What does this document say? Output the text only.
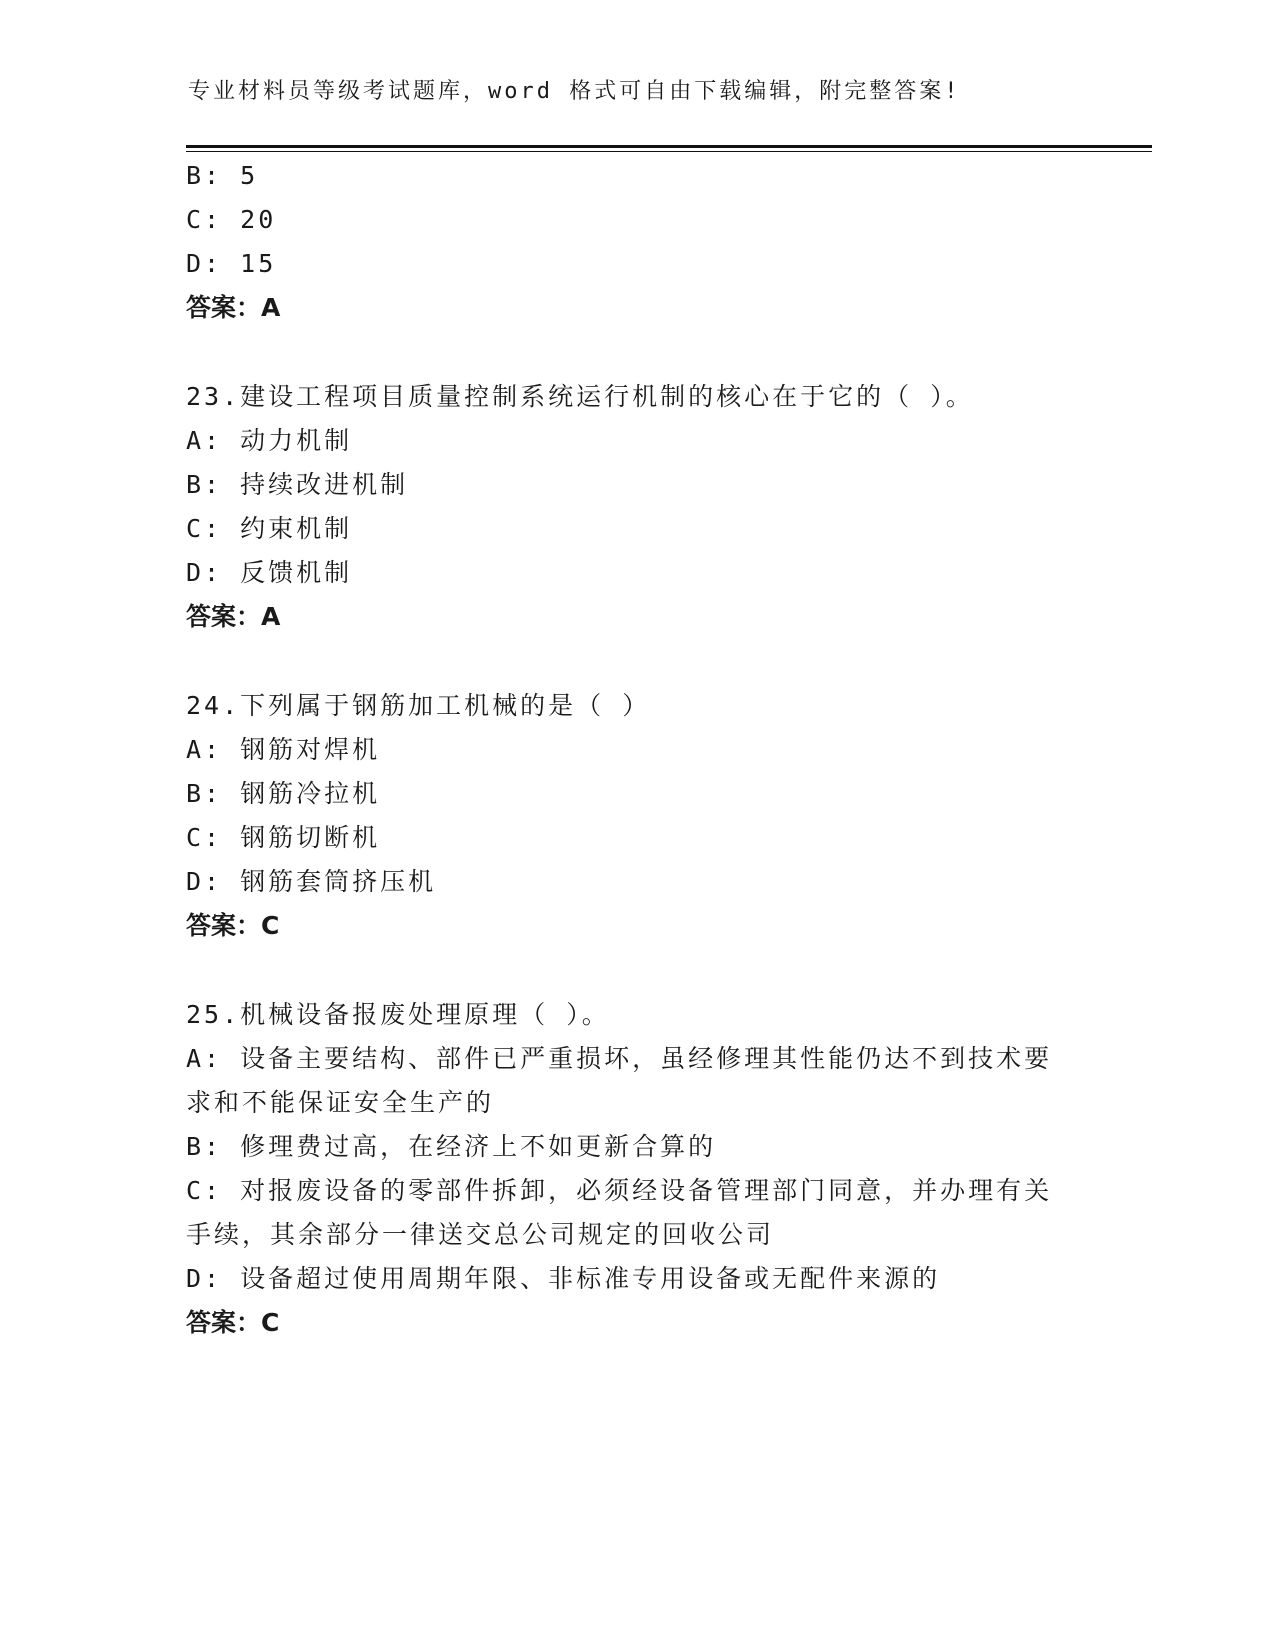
专业材料员等级考试题库，word 格式可自由下载编辑，附完整答案!
B: 5
C: 20
D: 15
答案：A
23.建设工程项目质量控制系统运行机制的核心在于它的（ ）。
A: 动力机制
B: 持续改进机制
C: 约束机制
D: 反馈机制
答案：A
24.下列属于钢筋加工机械的是（ ）
A: 钢筋对焊机
B: 钢筋冷拉机
C: 钢筋切断机
D: 钢筋套筒挤压机
答案：C
25.机械设备报废处理原理（ ）。
A: 设备主要结构、部件已严重损坏，虽经修理其性能仍达不到技术要
求和不能保证安全生产的
B: 修理费过高，在经济上不如更新合算的
C: 对报废设备的零部件拆卸，必须经设备管理部门同意，并办理有关
手续，其余部分一律送交总公司规定的回收公司
D: 设备超过使用周期年限、非标准专用设备或无配件来源的
答案：C
